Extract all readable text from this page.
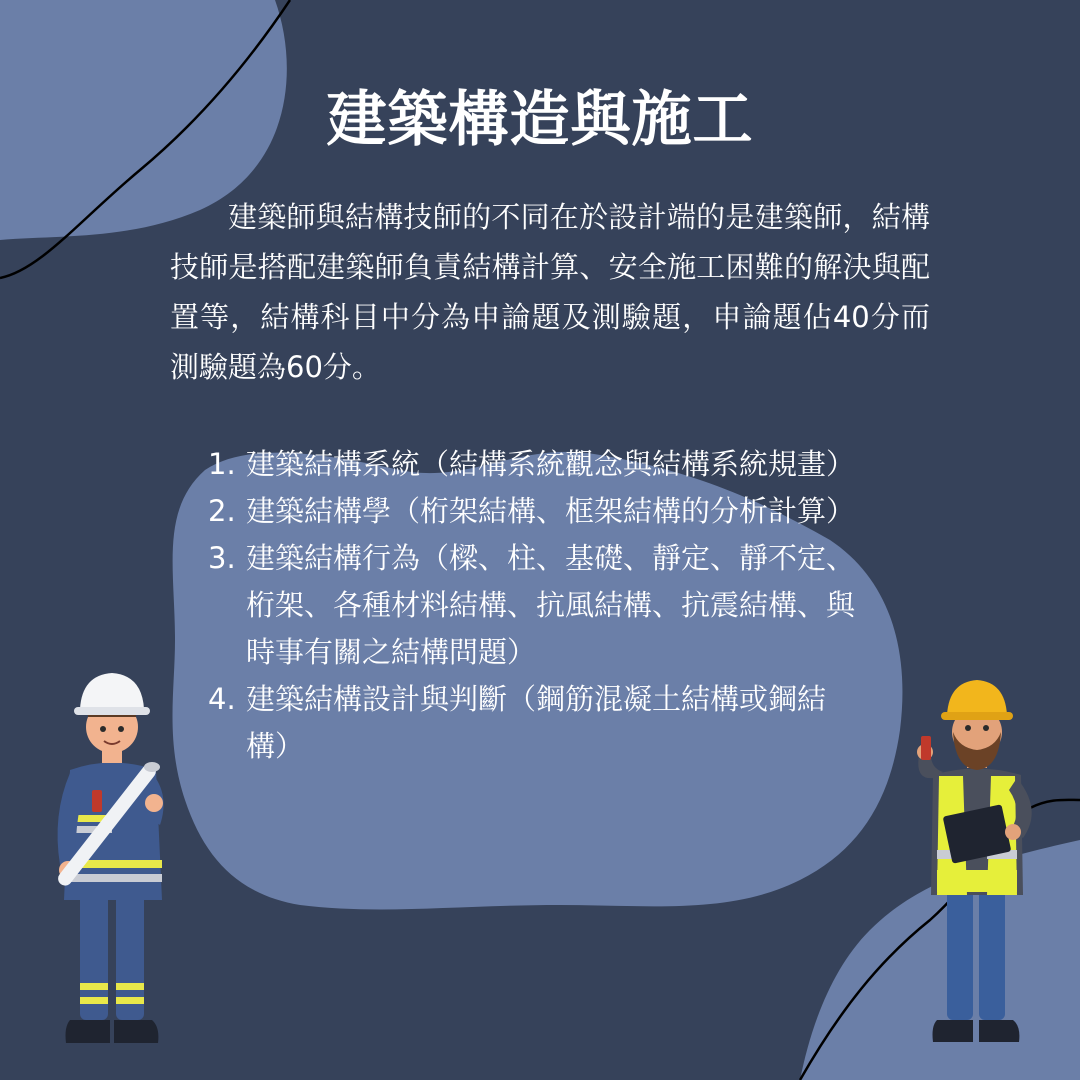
建築構造與施工

建築師與結構技師的不同在於設計端的是建築師，結構技師是搭配建築師負責結構計算、安全施工困難的解決與配置等，結構科目中分為申論題及測驗題，申論題佔40分而測驗題為60分。

1. 建築結構系統（結構系統觀念與結構系統規畫）
2. 建築結構學（桁架結構、框架結構的分析計算）
3. 建築結構行為（樑、柱、基礎、靜定、靜不定、桁架、各種材料結構、抗風結構、抗震結構、與時事有關之結構問題）
4. 建築結構設計與判斷（鋼筋混凝土結構或鋼結構）
